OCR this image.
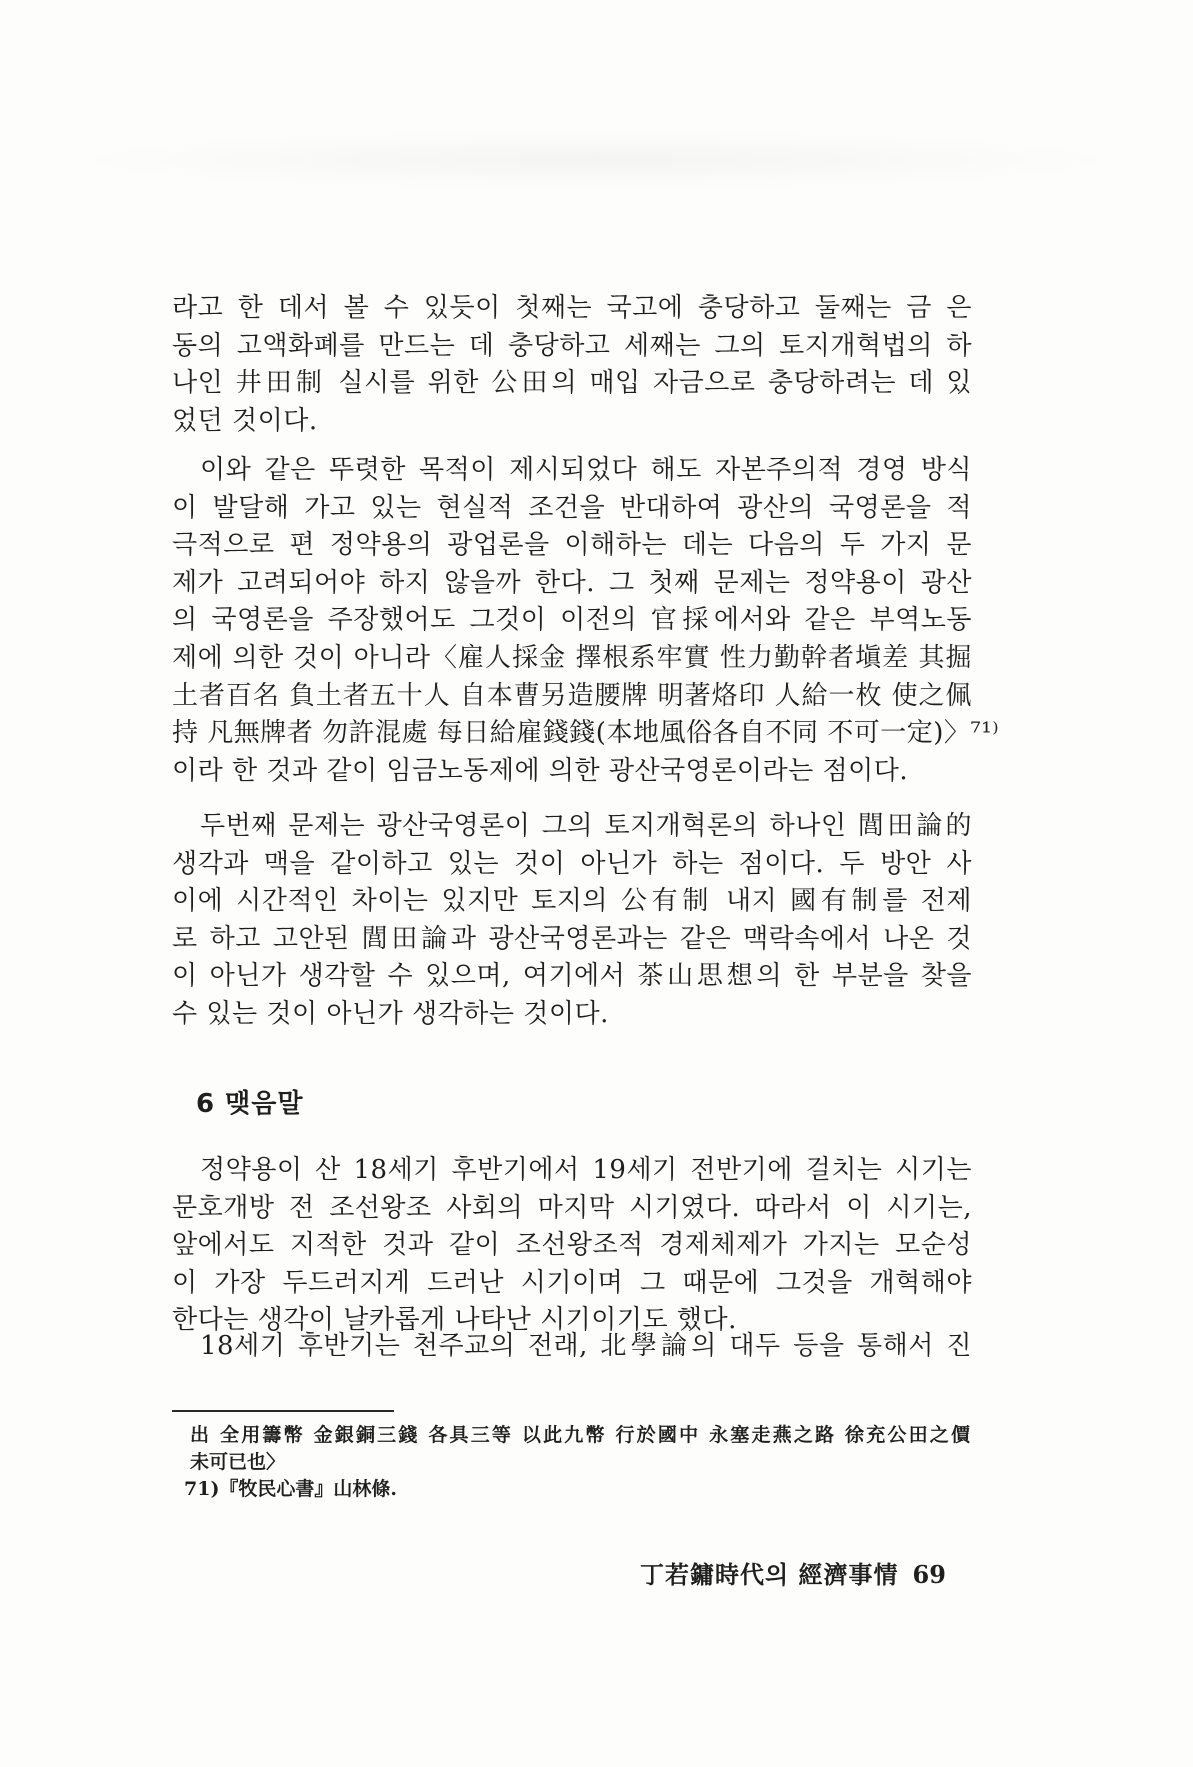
라고 한 데서 볼 수 있듯이 첫째는 국고에 충당하고 둘째는 금 은
동의 고액화폐를 만드는 데 충당하고 세째는 그의 토지개혁법의 하
나인 井田制 실시를 위한 公田의 매입 자금으로 충당하려는 데 있
었던 것이다.
이와 같은 뚜렷한 목적이 제시되었다 해도 자본주의적 경영 방식
이 발달해 가고 있는 현실적 조건을 반대하여 광산의 국영론을 적
극적으로 편 정약용의 광업론을 이해하는 데는 다음의 두 가지 문
제가 고려되어야 하지 않을까 한다. 그 첫째 문제는 정약용이 광산
의 국영론을 주장했어도 그것이 이전의 官採에서와 같은 부역노동
제에 의한 것이 아니라〈雇人採金 擇根系牢實 性力勤幹者塡差 其掘
土者百名 負土者五十人 自本曹另造腰牌 明著烙印 人給一枚 使之佩
持 凡無牌者 勿許混處 每日給雇錢錢(本地風俗各自不同 不可一定)〉⁷¹⁾
이라 한 것과 같이 임금노동제에 의한 광산국영론이라는 점이다.
두번째 문제는 광산국영론이 그의 토지개혁론의 하나인 閭田論的
생각과 맥을 같이하고 있는 것이 아닌가 하는 점이다. 두 방안 사
이에 시간적인 차이는 있지만 토지의 公有制 내지 國有制를 전제
로 하고 고안된 閭田論과 광산국영론과는 같은 맥락속에서 나온 것
이 아닌가 생각할 수 있으며, 여기에서 茶山思想의 한 부분을 찾을
수 있는 것이 아닌가 생각하는 것이다.
6 맺음말
정약용이 산 18세기 후반기에서 19세기 전반기에 걸치는 시기는
문호개방 전 조선왕조 사회의 마지막 시기였다. 따라서 이 시기는,
앞에서도 지적한 것과 같이 조선왕조적 경제체제가 가지는 모순성
이 가장 두드러지게 드러난 시기이며 그 때문에 그것을 개혁해야
한다는 생각이 날카롭게 나타난 시기이기도 했다.
18세기 후반기는 천주교의 전래, 北學論의 대두 등을 통해서 진
出 全用籌幣 金銀銅三錢 各具三等 以此九幣 行於國中 永塞走燕之路 徐充公田之價
未可已也〉
71)『牧民心書』山林條.
丁若鏞時代의 經濟事情 69
